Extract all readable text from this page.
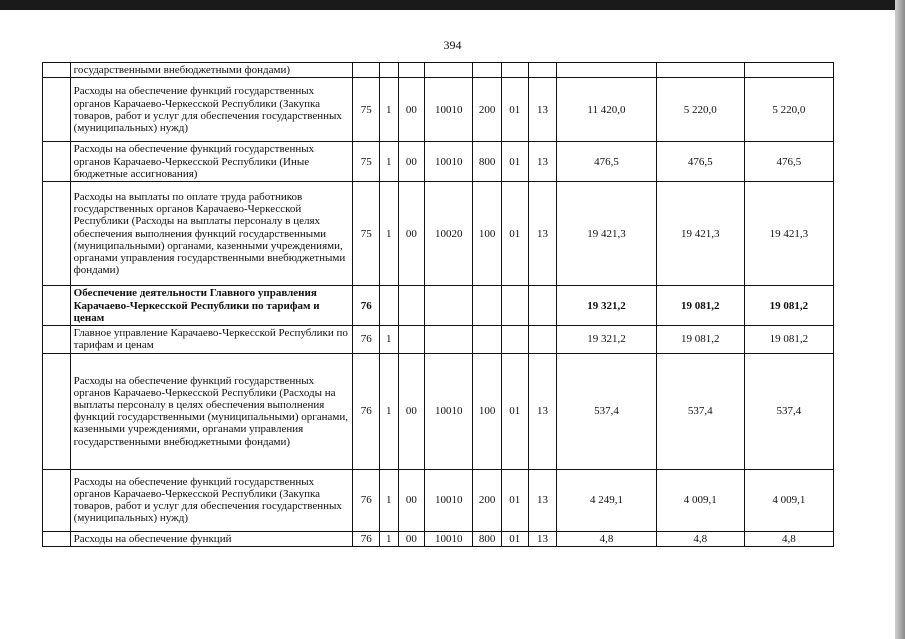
394
	государственными внебюджетными фондами)										
	Расходы на обеспечение функций государственных органов Карачаево-Черкесской Республики (Закупка товаров, работ и услуг для обеспечения государственных (муниципальных) нужд)	75	1	00	10010	200	01	13	11 420,0	5 220,0	5 220,0
	Расходы на обеспечение функций государственных органов Карачаево-Черкесской Республики (Иные бюджетные ассигнования)	75	1	00	10010	800	01	13	476,5	476,5	476,5
	Расходы на выплаты по оплате труда работников государственных органов Карачаево-Черкесской Республики (Расходы на выплаты персоналу в целях обеспечения выполнения функций государственными (муниципальными) органами, казенными учреждениями, органами управления государственными внебюджетными фондами)	75	1	00	10020	100	01	13	19 421,3	19 421,3	19 421,3
	Обеспечение деятельности Главного управления Карачаево-Черкесской Республики по тарифам и ценам	76							19 321,2	19 081,2	19 081,2
	Главное управление Карачаево-Черкесской Республики по тарифам и ценам	76	1						19 321,2	19 081,2	19 081,2
	Расходы на обеспечение функций государственных органов Карачаево-Черкесской Республики (Расходы на выплаты персоналу в целях обеспечения выполнения функций государственными (муниципальными) органами, казенными учреждениями, органами управления государственными внебюджетными фондами)	76	1	00	10010	100	01	13	537,4	537,4	537,4
	Расходы на обеспечение функций государственных органов Карачаево-Черкесской Республики (Закупка товаров, работ и услуг для обеспечения государственных (муниципальных) нужд)	76	1	00	10010	200	01	13	4 249,1	4 009,1	4 009,1
	Расходы на обеспечение функций	76	1	00	10010	800	01	13	4,8	4,8	4,8
